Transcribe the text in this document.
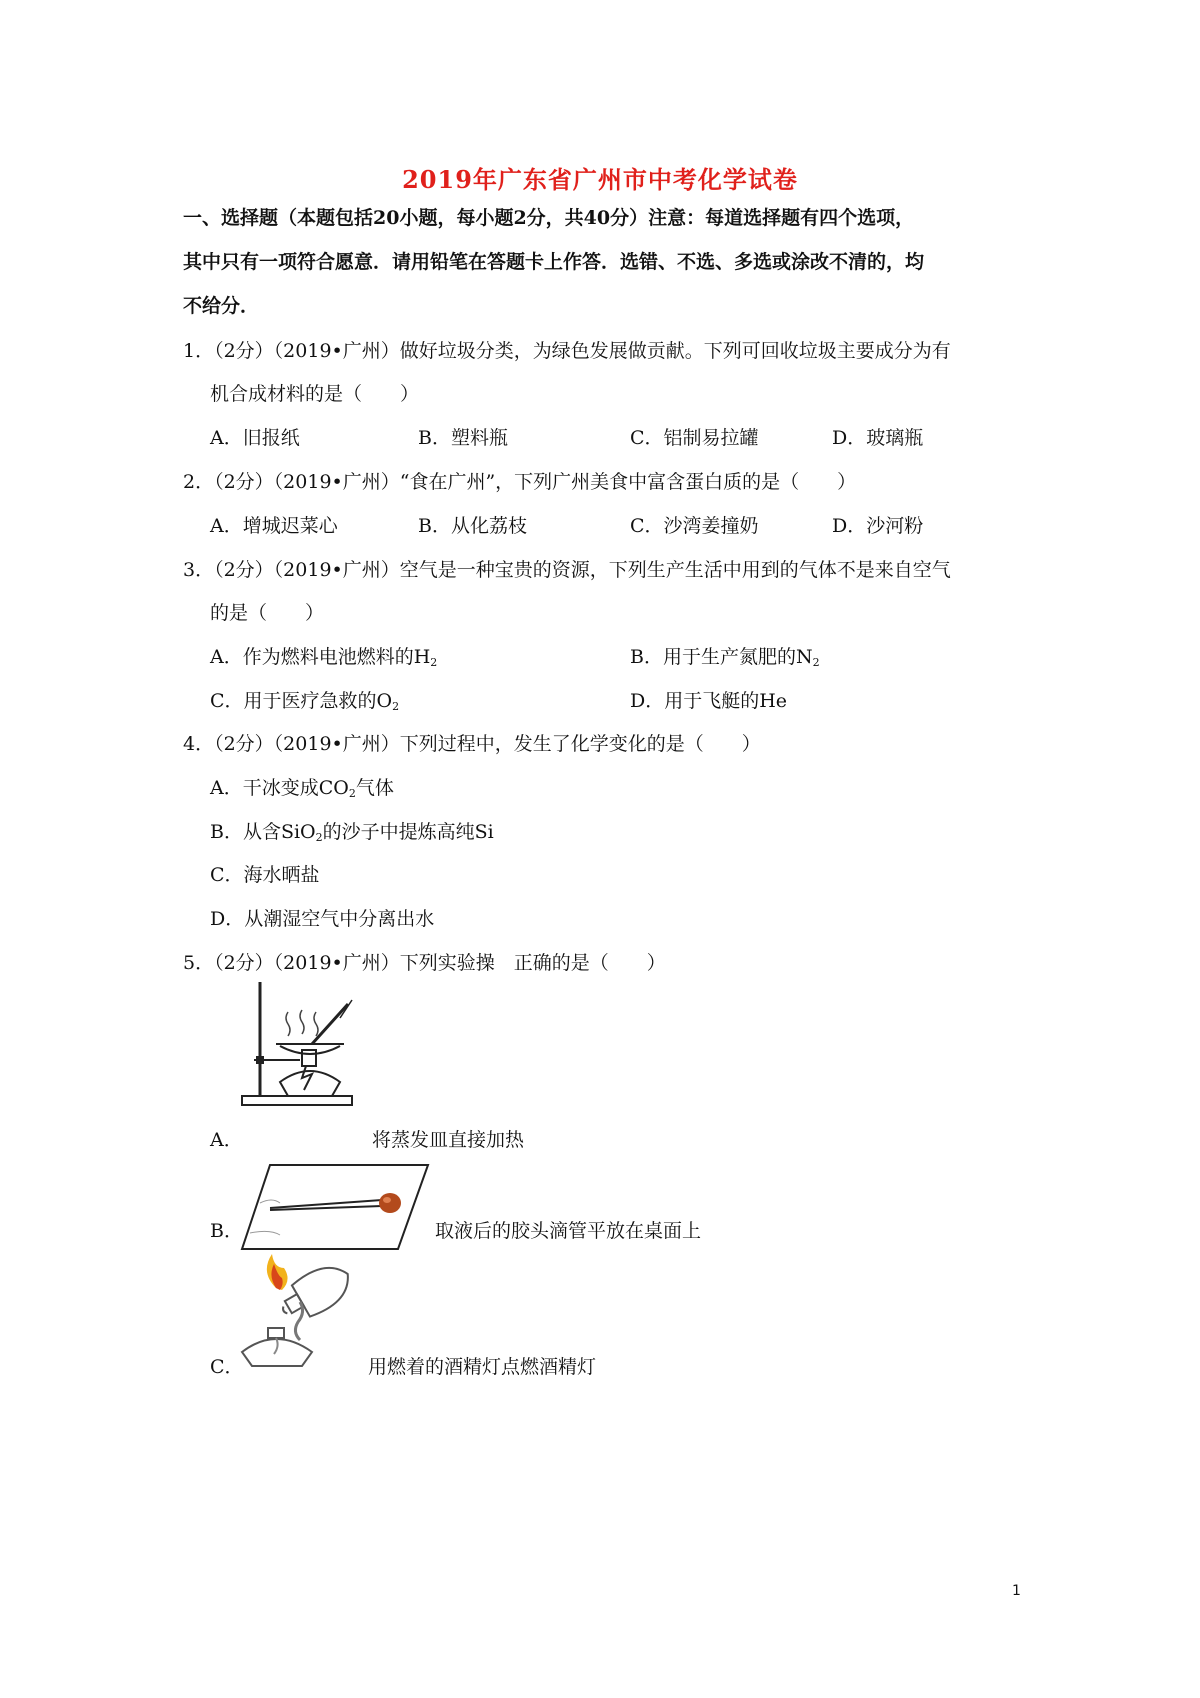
2019年广东省广州市中考化学试卷
一、选择题（本题包括20小题，每小题2分，共40分）注意：每道选择题有四个选项，
其中只有一项符合愿意．请用铅笔在答题卡上作答．选错、不选、多选或涂改不清的，均
不给分．
1．（2分）（2019•广州）做好垃圾分类，为绿色发展做贡献。下列可回收垃圾主要成分为有
机合成材料的是（　　）
A．旧报纸	B．塑料瓶	C．铝制易拉罐	D．玻璃瓶
2．（2分）（2019•广州）“食在广州”，下列广州美食中富含蛋白质的是（　　）
A．增城迟菜心	B．从化荔枝	C．沙湾姜撞奶	D．沙河粉
3．（2分）（2019•广州）空气是一种宝贵的资源，下列生产生活中用到的气体不是来自空气
的是（　　）
A．作为燃料电池燃料的$H_2$	B．用于生产氮肥的$N_2$
C．用于医疗急救的$O_2$	D．用于飞艇的He
4．（2分）（2019•广州）下列过程中，发生了化学变化的是（　　）
A．干冰变成$CO_2$气体
B．从含SiO$_2$的沙子中提炼高纯Si
C．海水晒盐
D．从潮湿空气中分离出水
5．（2分）（2019•广州）下列实验操　正确的是（　　）
A．	将蒸发皿直接加热
B．	取液后的胶头滴管平放在桌面上
C．	用燃着的酒精灯点燃酒精灯
1
